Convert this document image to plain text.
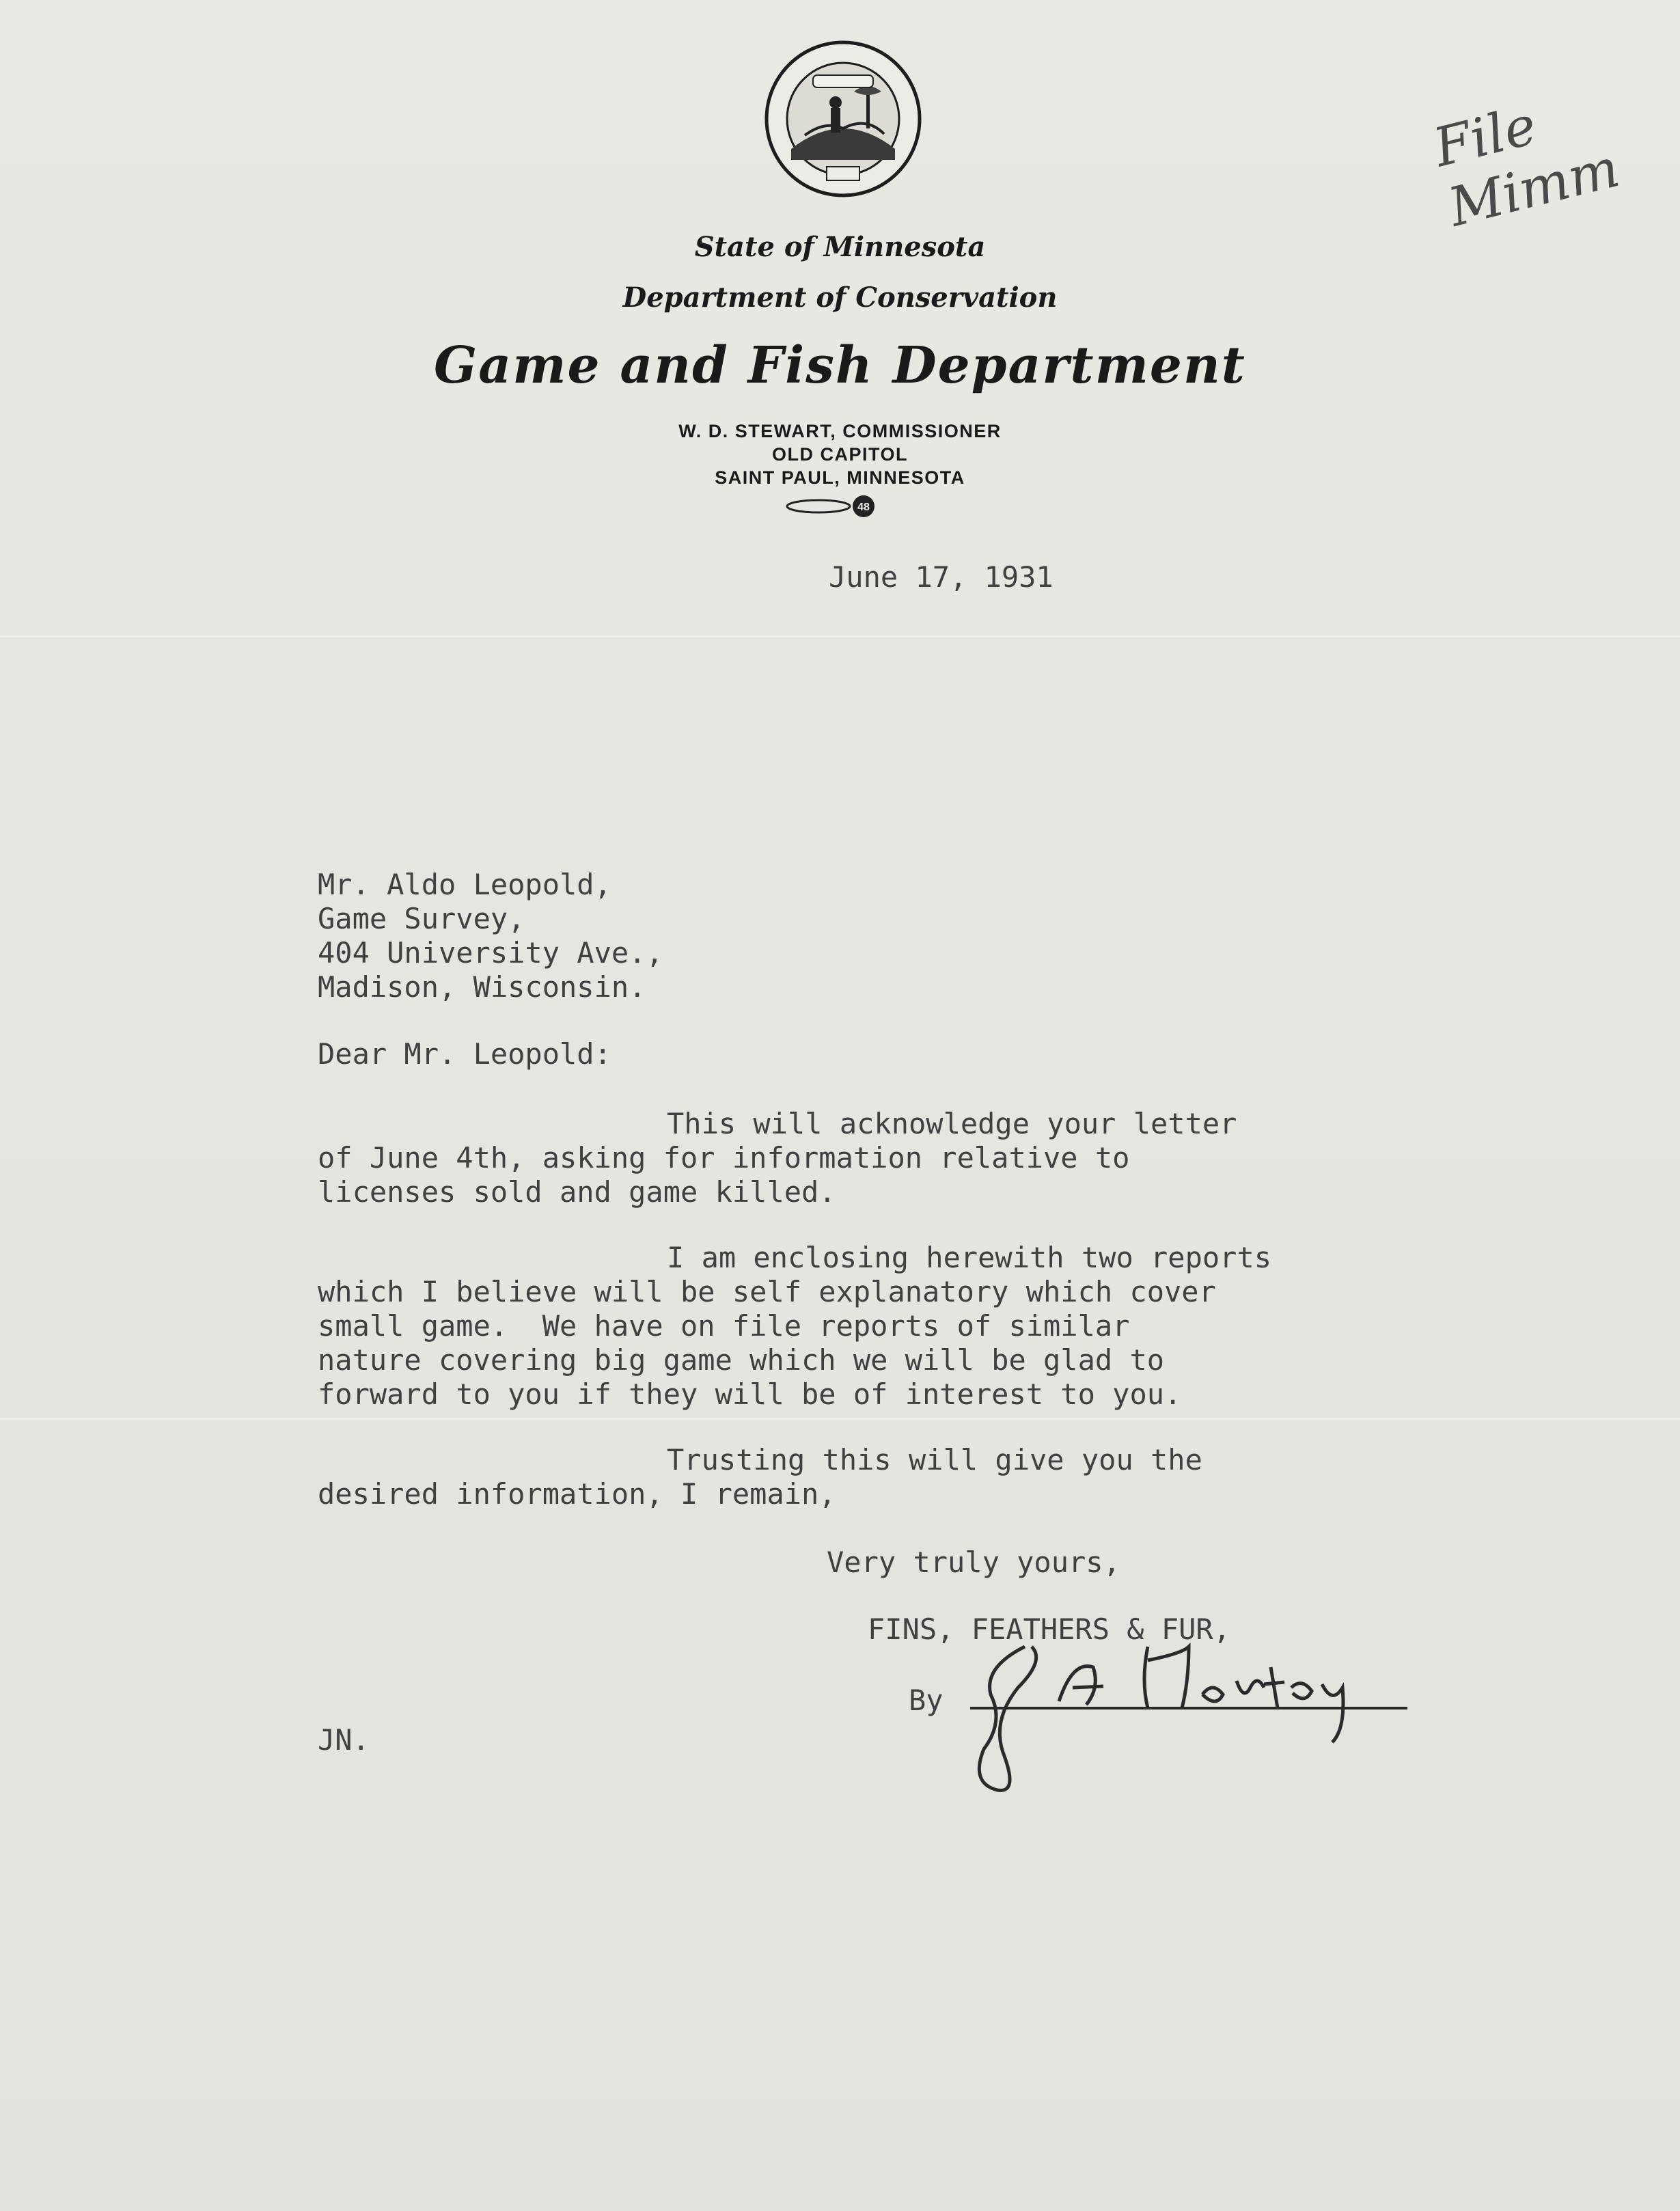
State of Minnesota
Department of Conservation
Game and Fish Department
W. D. STEWART, COMMISSIONER
OLD CAPITOL
SAINT PAUL, MINNESOTA
48
File Mimm
June 17, 1931
Mr. Aldo Leopold,
Game Survey,
404 University Ave.,
Madison, Wisconsin.
Dear Mr. Leopold:
This will acknowledge your letter
of June 4th, asking for information relative to
licenses sold and game killed.
I am enclosing herewith two reports
which I believe will be self explanatory which cover
small game.  We have on file reports of similar
nature covering big game which we will be glad to
forward to you if they will be of interest to you.
Trusting this will give you the
desired information, I remain,
Very truly yours,
FINS, FEATHERS & FUR,
By
JN.
